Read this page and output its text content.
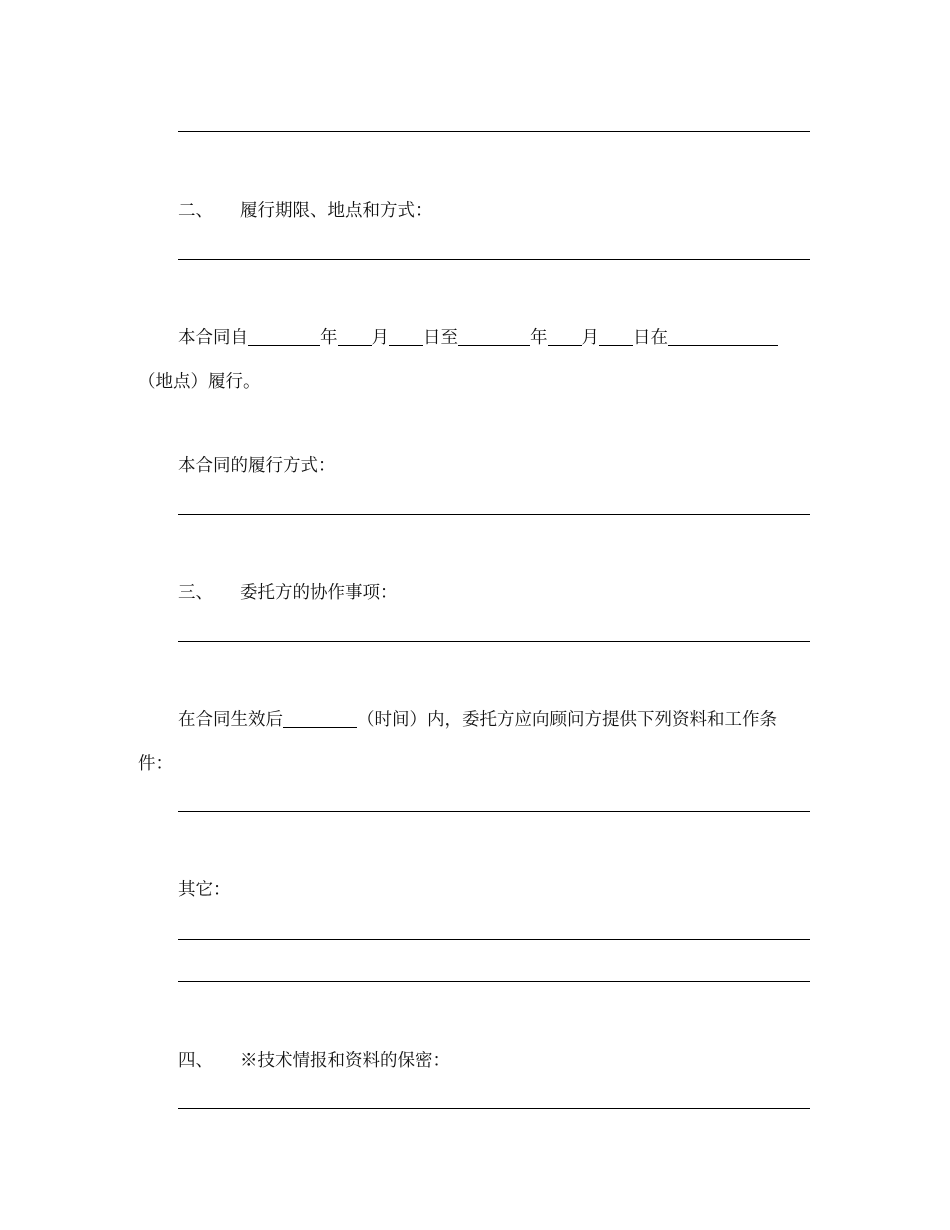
二、 履行期限、地点和方式：
本合同自	年 月 日至	年 月 日在
（地点）履行。
本合同的履行方式：
三、 委托方的协作事项：
在合同生效后	（时间）内，委托方应向顾问方提供下列资料和工作条
件：
其它：
四、 ※技术情报和资料的保密：
